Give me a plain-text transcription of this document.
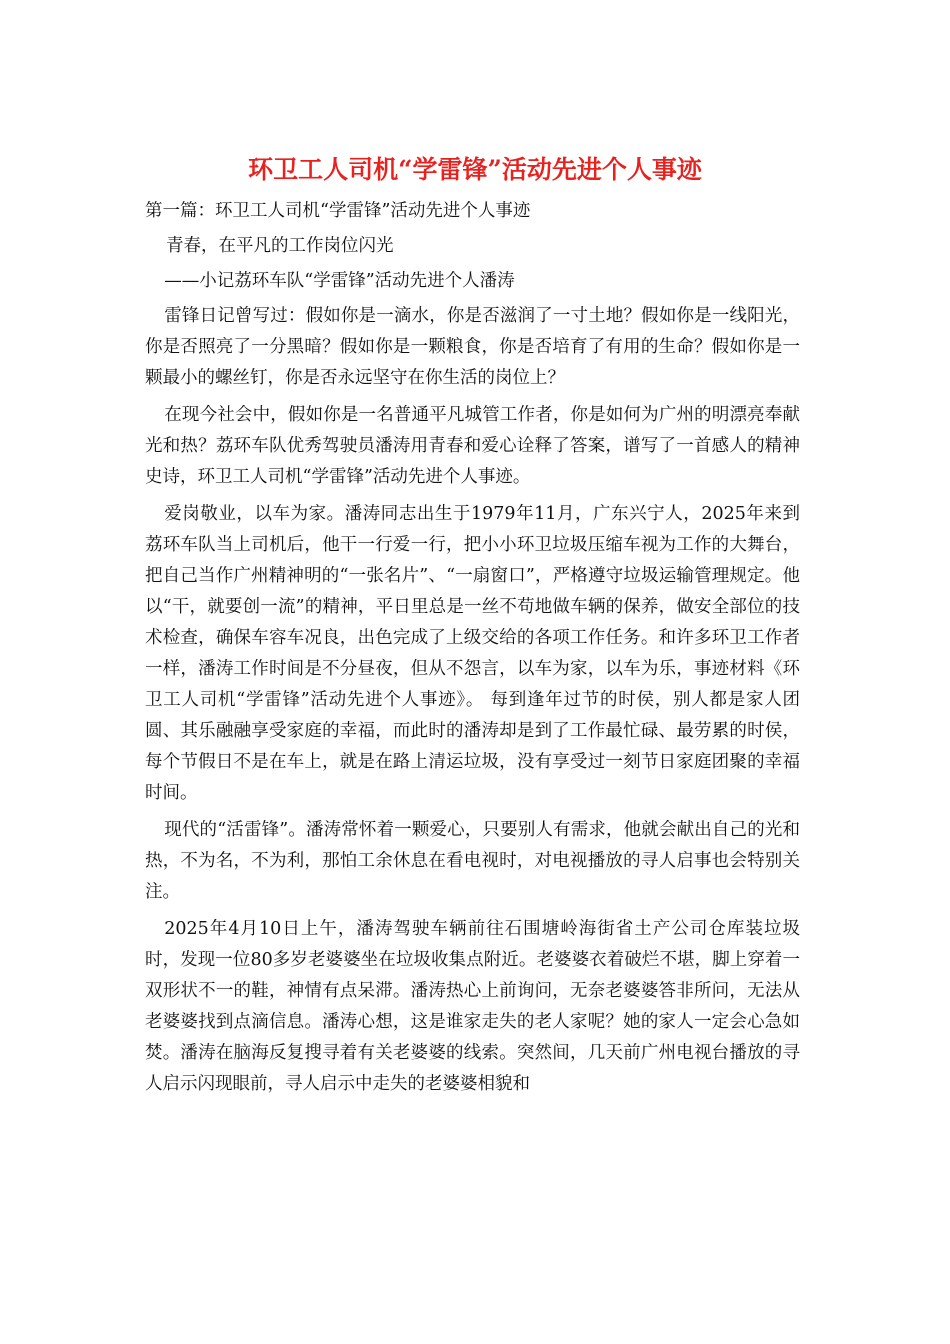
环卫工人司机“学雷锋”活动先进个人事迹

第一篇：环卫工人司机“学雷锋”活动先进个人事迹

青春，在平凡的工作岗位闪光

——小记荔环车队“学雷锋”活动先进个人潘涛

雷锋日记曾写过：假如你是一滴水，你是否滋润了一寸土地？假如你是一线阳光，你是否照亮了一分黑暗？假如你是一颗粮食，你是否培育了有用的生命？假如你是一颗最小的螺丝钉，你是否永远坚守在你生活的岗位上？

在现今社会中，假如你是一名普通平凡城管工作者，你是如何为广州的明漂亮奉献光和热？荔环车队优秀驾驶员潘涛用青春和爱心诠释了答案，谱写了一首感人的精神史诗，环卫工人司机“学雷锋”活动先进个人事迹。

爱岗敬业，以车为家。潘涛同志出生于1979年11月，广东兴宁人，2025年来到荔环车队当上司机后，他干一行爱一行，把小小环卫垃圾压缩车视为工作的大舞台，把自己当作广州精神明的“一张名片”、“一扇窗口”，严格遵守垃圾运输管理规定。他以“干，就要创一流”的精神，平日里总是一丝不苟地做车辆的保养，做安全部位的技术检查，确保车容车况良，出色完成了上级交给的各项工作任务。和许多环卫工作者一样，潘涛工作时间是不分昼夜，但从不怨言，以车为家，以车为乐，事迹材料《环卫工人司机“学雷锋”活动先进个人事迹》。 每到逢年过节的时侯，别人都是家人团圆、其乐融融享受家庭的幸福，而此时的潘涛却是到了工作最忙碌、最劳累的时侯，每个节假日不是在车上，就是在路上清运垃圾，没有享受过一刻节日家庭团聚的幸福时间。

现代的“活雷锋”。潘涛常怀着一颗爱心，只要别人有需求，他就会献出自己的光和热，不为名，不为利，那怕工余休息在看电视时，对电视播放的寻人启事也会特别关注。

2025年4月10日上午，潘涛驾驶车辆前往石围塘岭海街省土产公司仓库装垃圾时，发现一位80多岁老婆婆坐在垃圾收集点附近。老婆婆衣着破烂不堪，脚上穿着一双形状不一的鞋，神情有点呆滞。潘涛热心上前询问，无奈老婆婆答非所问，无法从老婆婆找到点滴信息。潘涛心想，这是谁家走失的老人家呢？她的家人一定会心急如焚。潘涛在脑海反复搜寻着有关老婆婆的线索。突然间，几天前广州电视台播放的寻人启示闪现眼前，寻人启示中走失的老婆婆相貌和
